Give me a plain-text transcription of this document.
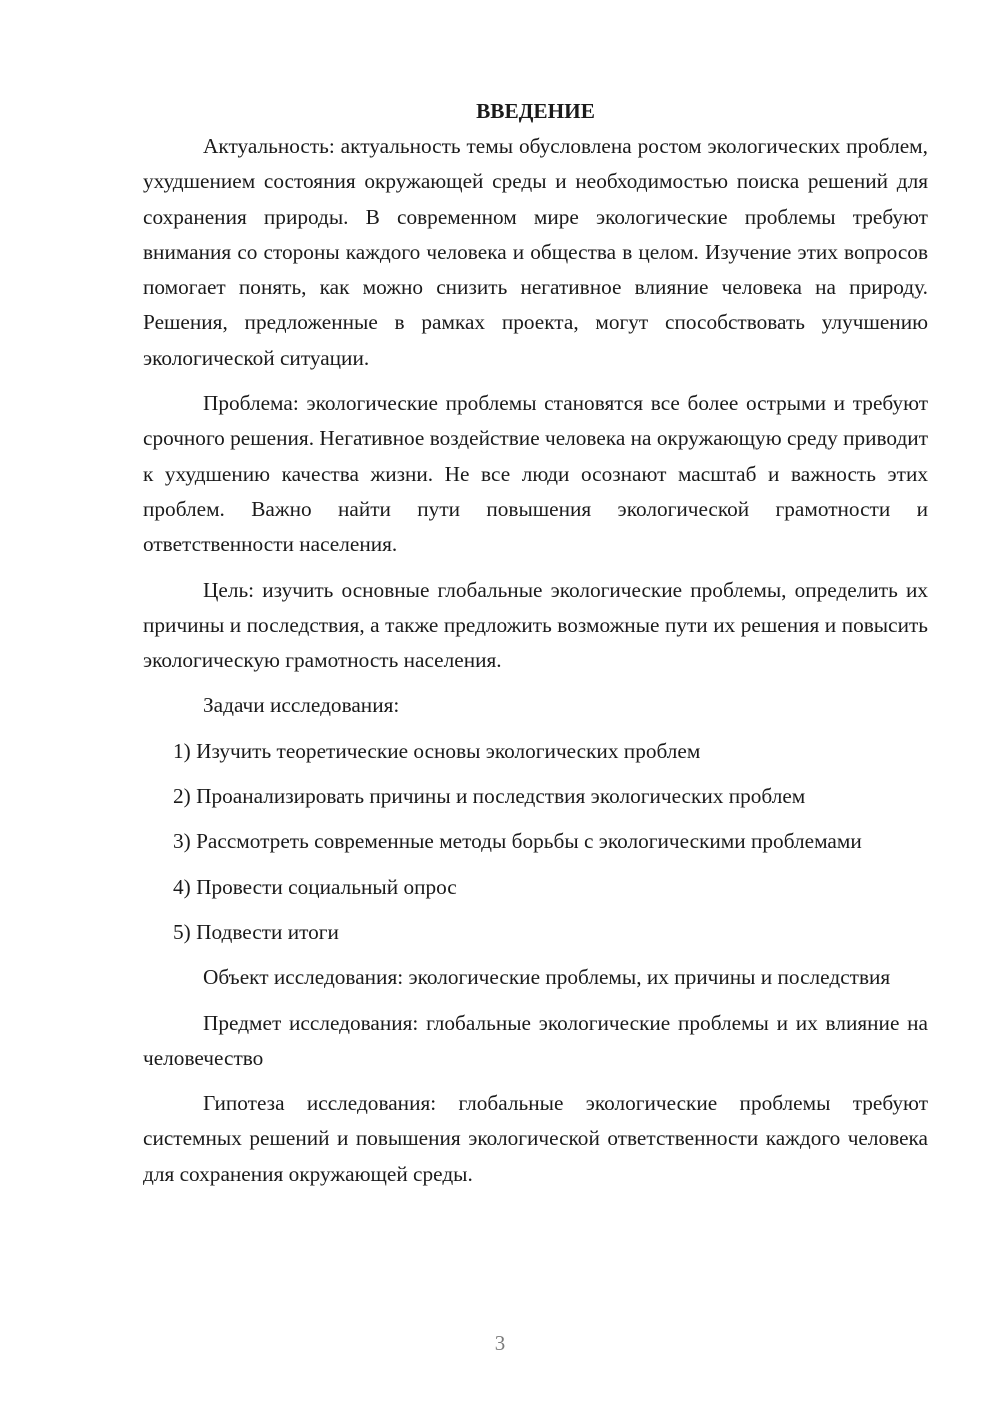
ВВЕДЕНИЕ

Актуальность: актуальность темы обусловлена ростом экологических проблем, ухудшением состояния окружающей среды и необходимостью поиска решений для сохранения природы. В современном мире экологические проблемы требуют внимания со стороны каждого человека и общества в целом. Изучение этих вопросов помогает понять, как можно снизить негативное влияние человека на природу. Решения, предложенные в рамках проекта, могут способствовать улучшению экологической ситуации.

Проблема: экологические проблемы становятся все более острыми и требуют срочного решения. Негативное воздействие человека на окружающую среду приводит к ухудшению качества жизни. Не все люди осознают масштаб и важность этих проблем. Важно найти пути повышения экологической грамотности и ответственности населения.

Цель: изучить основные глобальные экологические проблемы, определить их причины и последствия, а также предложить возможные пути их решения и повысить экологическую грамотность населения.

Задачи исследования:

1) Изучить теоретические основы экологических проблем

2) Проанализировать причины и последствия экологических проблем

3) Рассмотреть современные методы борьбы с экологическими проблемами

4) Провести социальный опрос

5) Подвести итоги

Объект исследования: экологические проблемы, их причины и последствия

Предмет исследования: глобальные экологические проблемы и их влияние на человечество

Гипотеза исследования: глобальные экологические проблемы требуют системных решений и повышения экологической ответственности каждого человека для сохранения окружающей среды.

3
